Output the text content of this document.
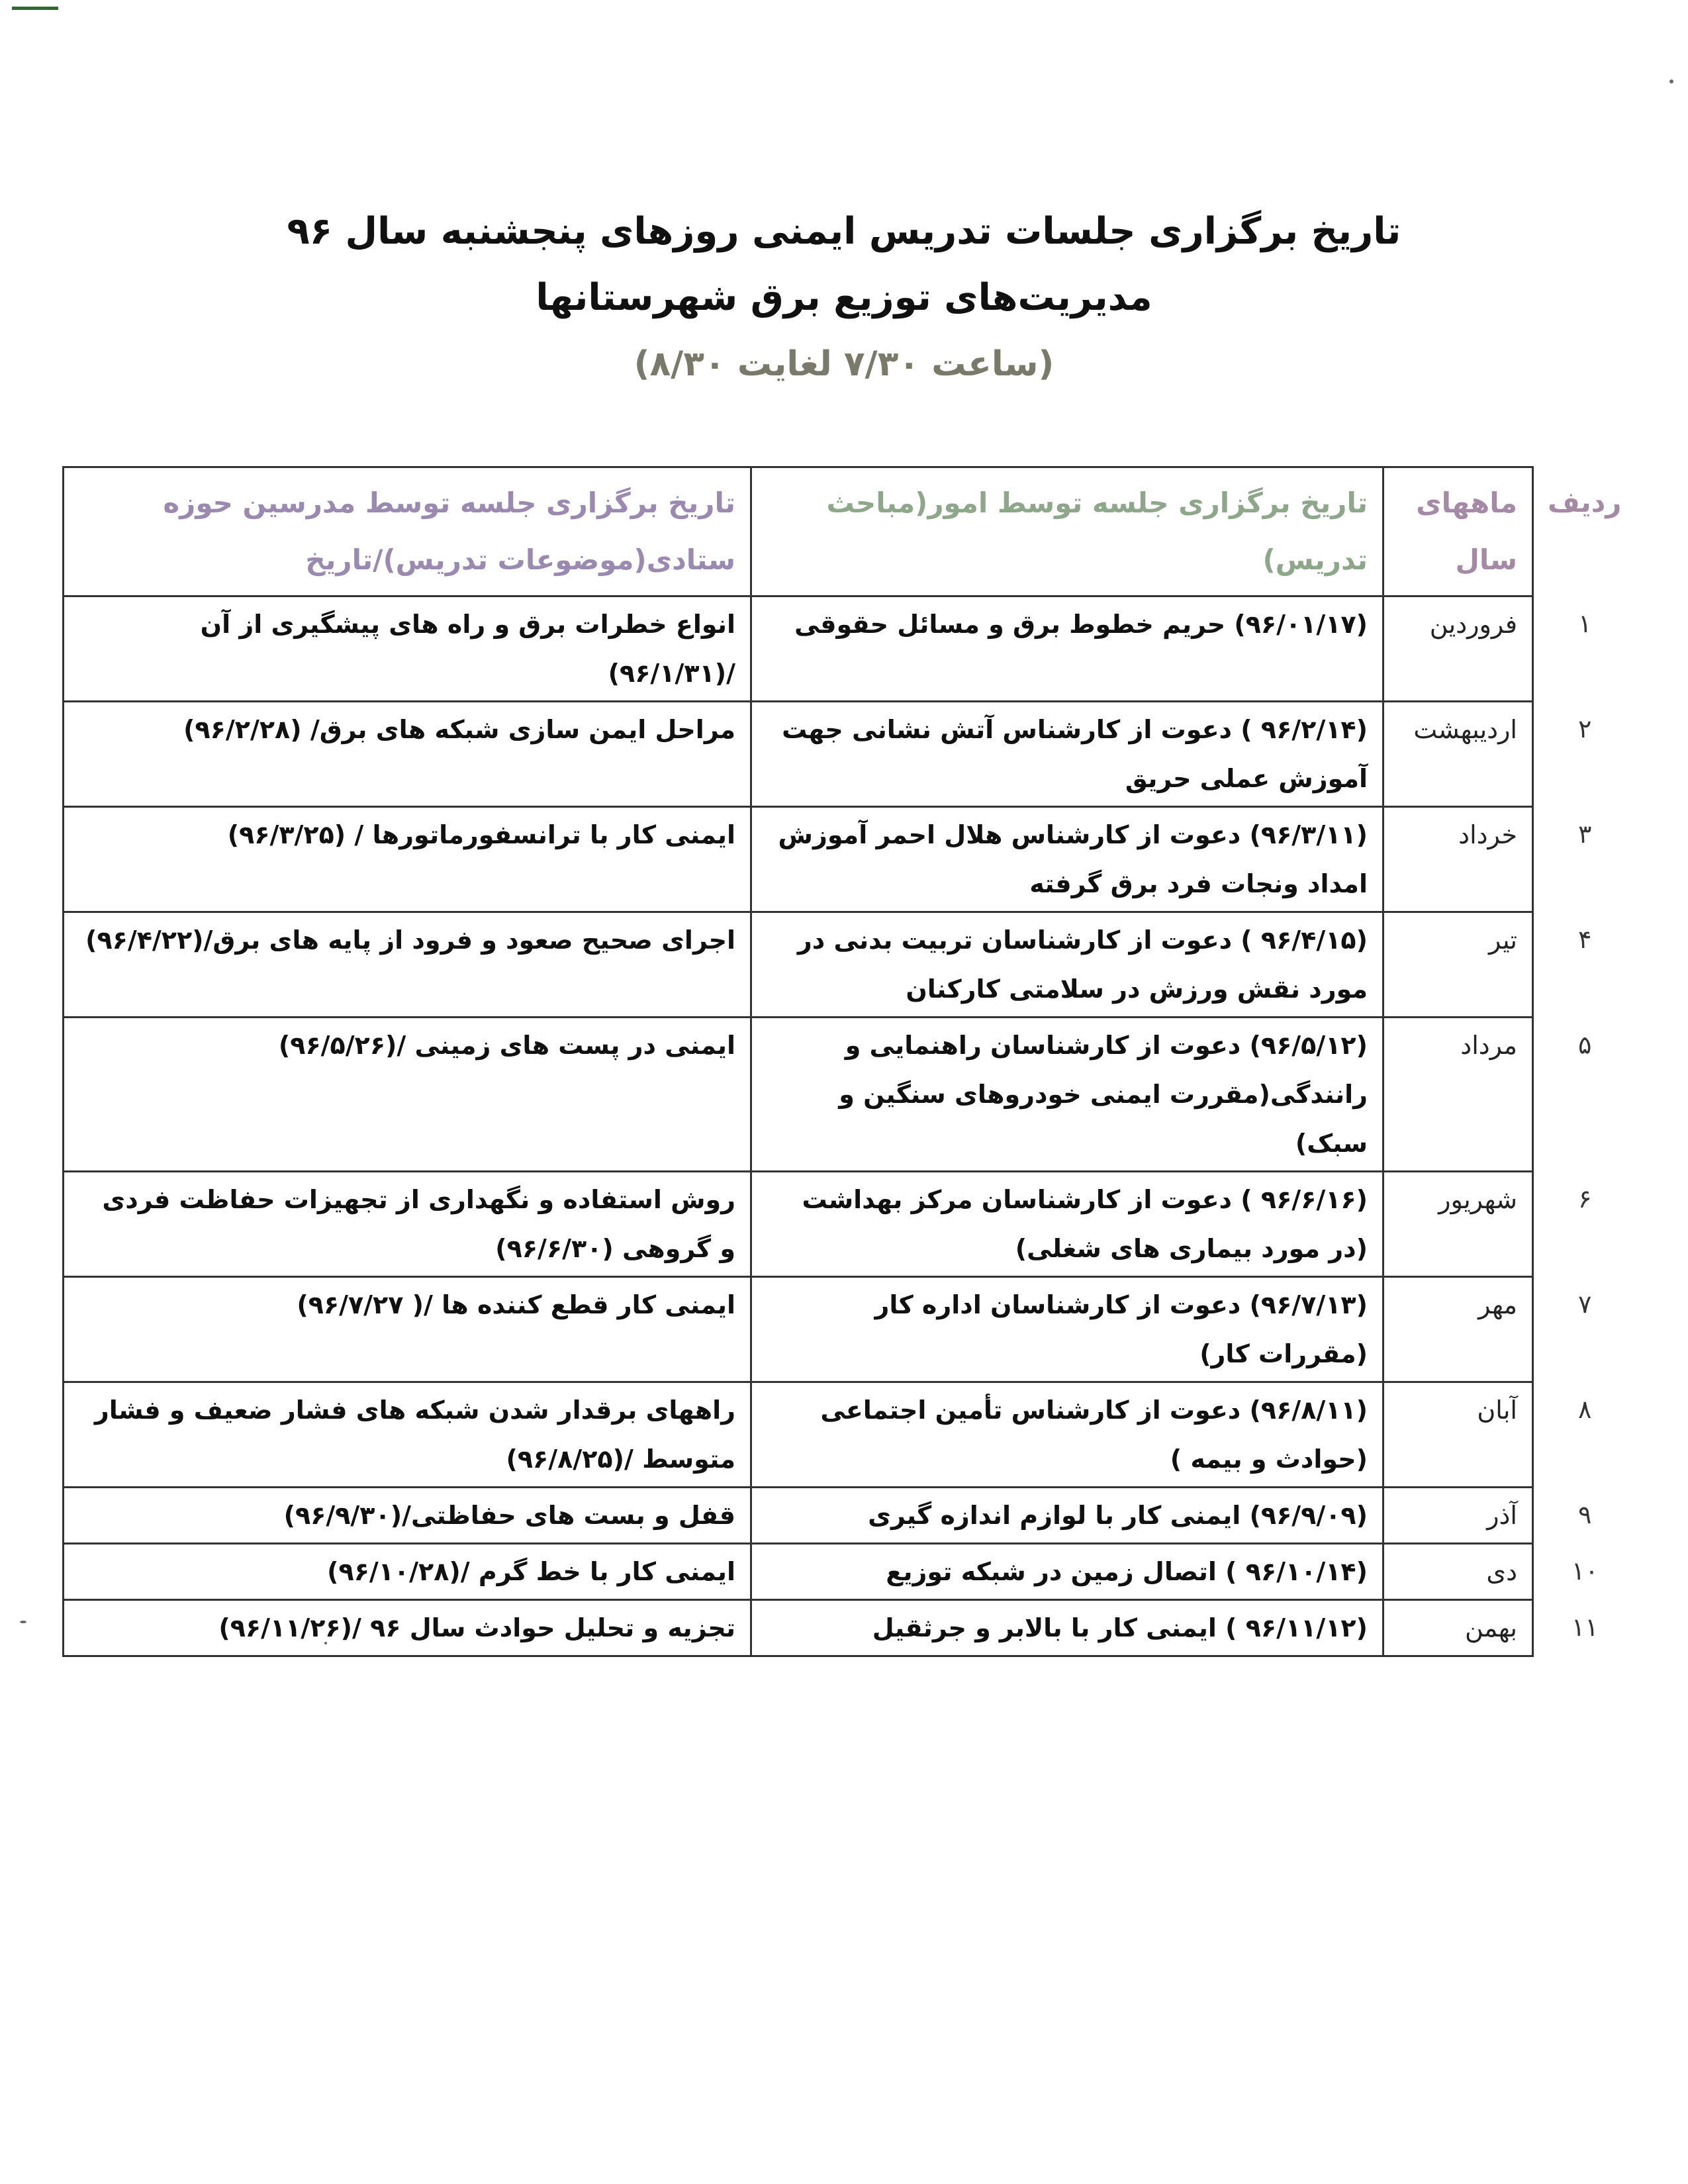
تاریخ برگزاری جلسات تدریس ایمنی روزهای پنجشنبه سال ۹۶
مدیریت‌های توزیع برق شهرستانها
(ساعت ۷/۳۰ لغایت ۸/۳۰)
ردیف	ماههای سال	تاریخ برگزاری جلسه توسط امور(مباحث تدریس)	تاریخ برگزاری جلسه توسط مدرسین حوزه ستادی(موضوعات تدریس)/تاریخ
۱	فروردین	(۹۶/۰۱/۱۷) حریم خطوط برق و مسائل حقوقی	انواع خطرات برق و راه های پیشگیری از آن /(۹۶/۱/۳۱)
۲	اردیبهشت	(۹۶/۲/۱۴ ) دعوت از کارشناس آتش نشانی جهت آموزش عملی حریق	مراحل ایمن سازی شبکه های برق/ (۹۶/۲/۲۸)
۳	خرداد	(۹۶/۳/۱۱) دعوت از کارشناس هلال احمر آموزش امداد ونجات فرد برق گرفته	ایمنی کار با ترانسفورماتورها / (۹۶/۳/۲۵)
۴	تیر	(۹۶/۴/۱۵ ) دعوت از کارشناسان تربیت بدنی در مورد نقش ورزش در سلامتی کارکنان	اجرای صحیح صعود و فرود از پایه های برق/(۹۶/۴/۲۲)
۵	مرداد	(۹۶/۵/۱۲) دعوت از کارشناسان راهنمایی و رانندگی(مقررت ایمنی خودروهای سنگین و سبک)	ایمنی در پست های زمینی /(۹۶/۵/۲۶)
۶	شهریور	(۹۶/۶/۱۶ ) دعوت از کارشناسان مرکز بهداشت (در مورد بیماری های شغلی)	روش استفاده و نگهداری از تجهیزات حفاظت فردی و گروهی (۹۶/۶/۳۰)
۷	مهر	(۹۶/۷/۱۳) دعوت از کارشناسان اداره کار (مقررات کار)	ایمنی کار قطع کننده ها /( ۹۶/۷/۲۷)
۸	آبان	(۹۶/۸/۱۱) دعوت از کارشناس تأمین اجتماعی (حوادث و بیمه )	راههای برقدار شدن شبکه های فشار ضعیف و فشار متوسط /(۹۶/۸/۲۵)
۹	آذر	(۹۶/۹/۰۹) ایمنی کار با لوازم اندازه گیری	قفل و بست های حفاظتی/(۹۶/۹/۳۰)
۱۰	دی	(۹۶/۱۰/۱۴ ) اتصال زمین در شبکه توزیع	ایمنی کار با خط گرم /(۹۶/۱۰/۲۸)
۱۱	بهمن	(۹۶/۱۱/۱۲ ) ایمنی کار با بالابر و جرثقیل	تجزیه و تحلیل حوادث سال ۹۶ /(۹۶/۱۱/۲۶)
